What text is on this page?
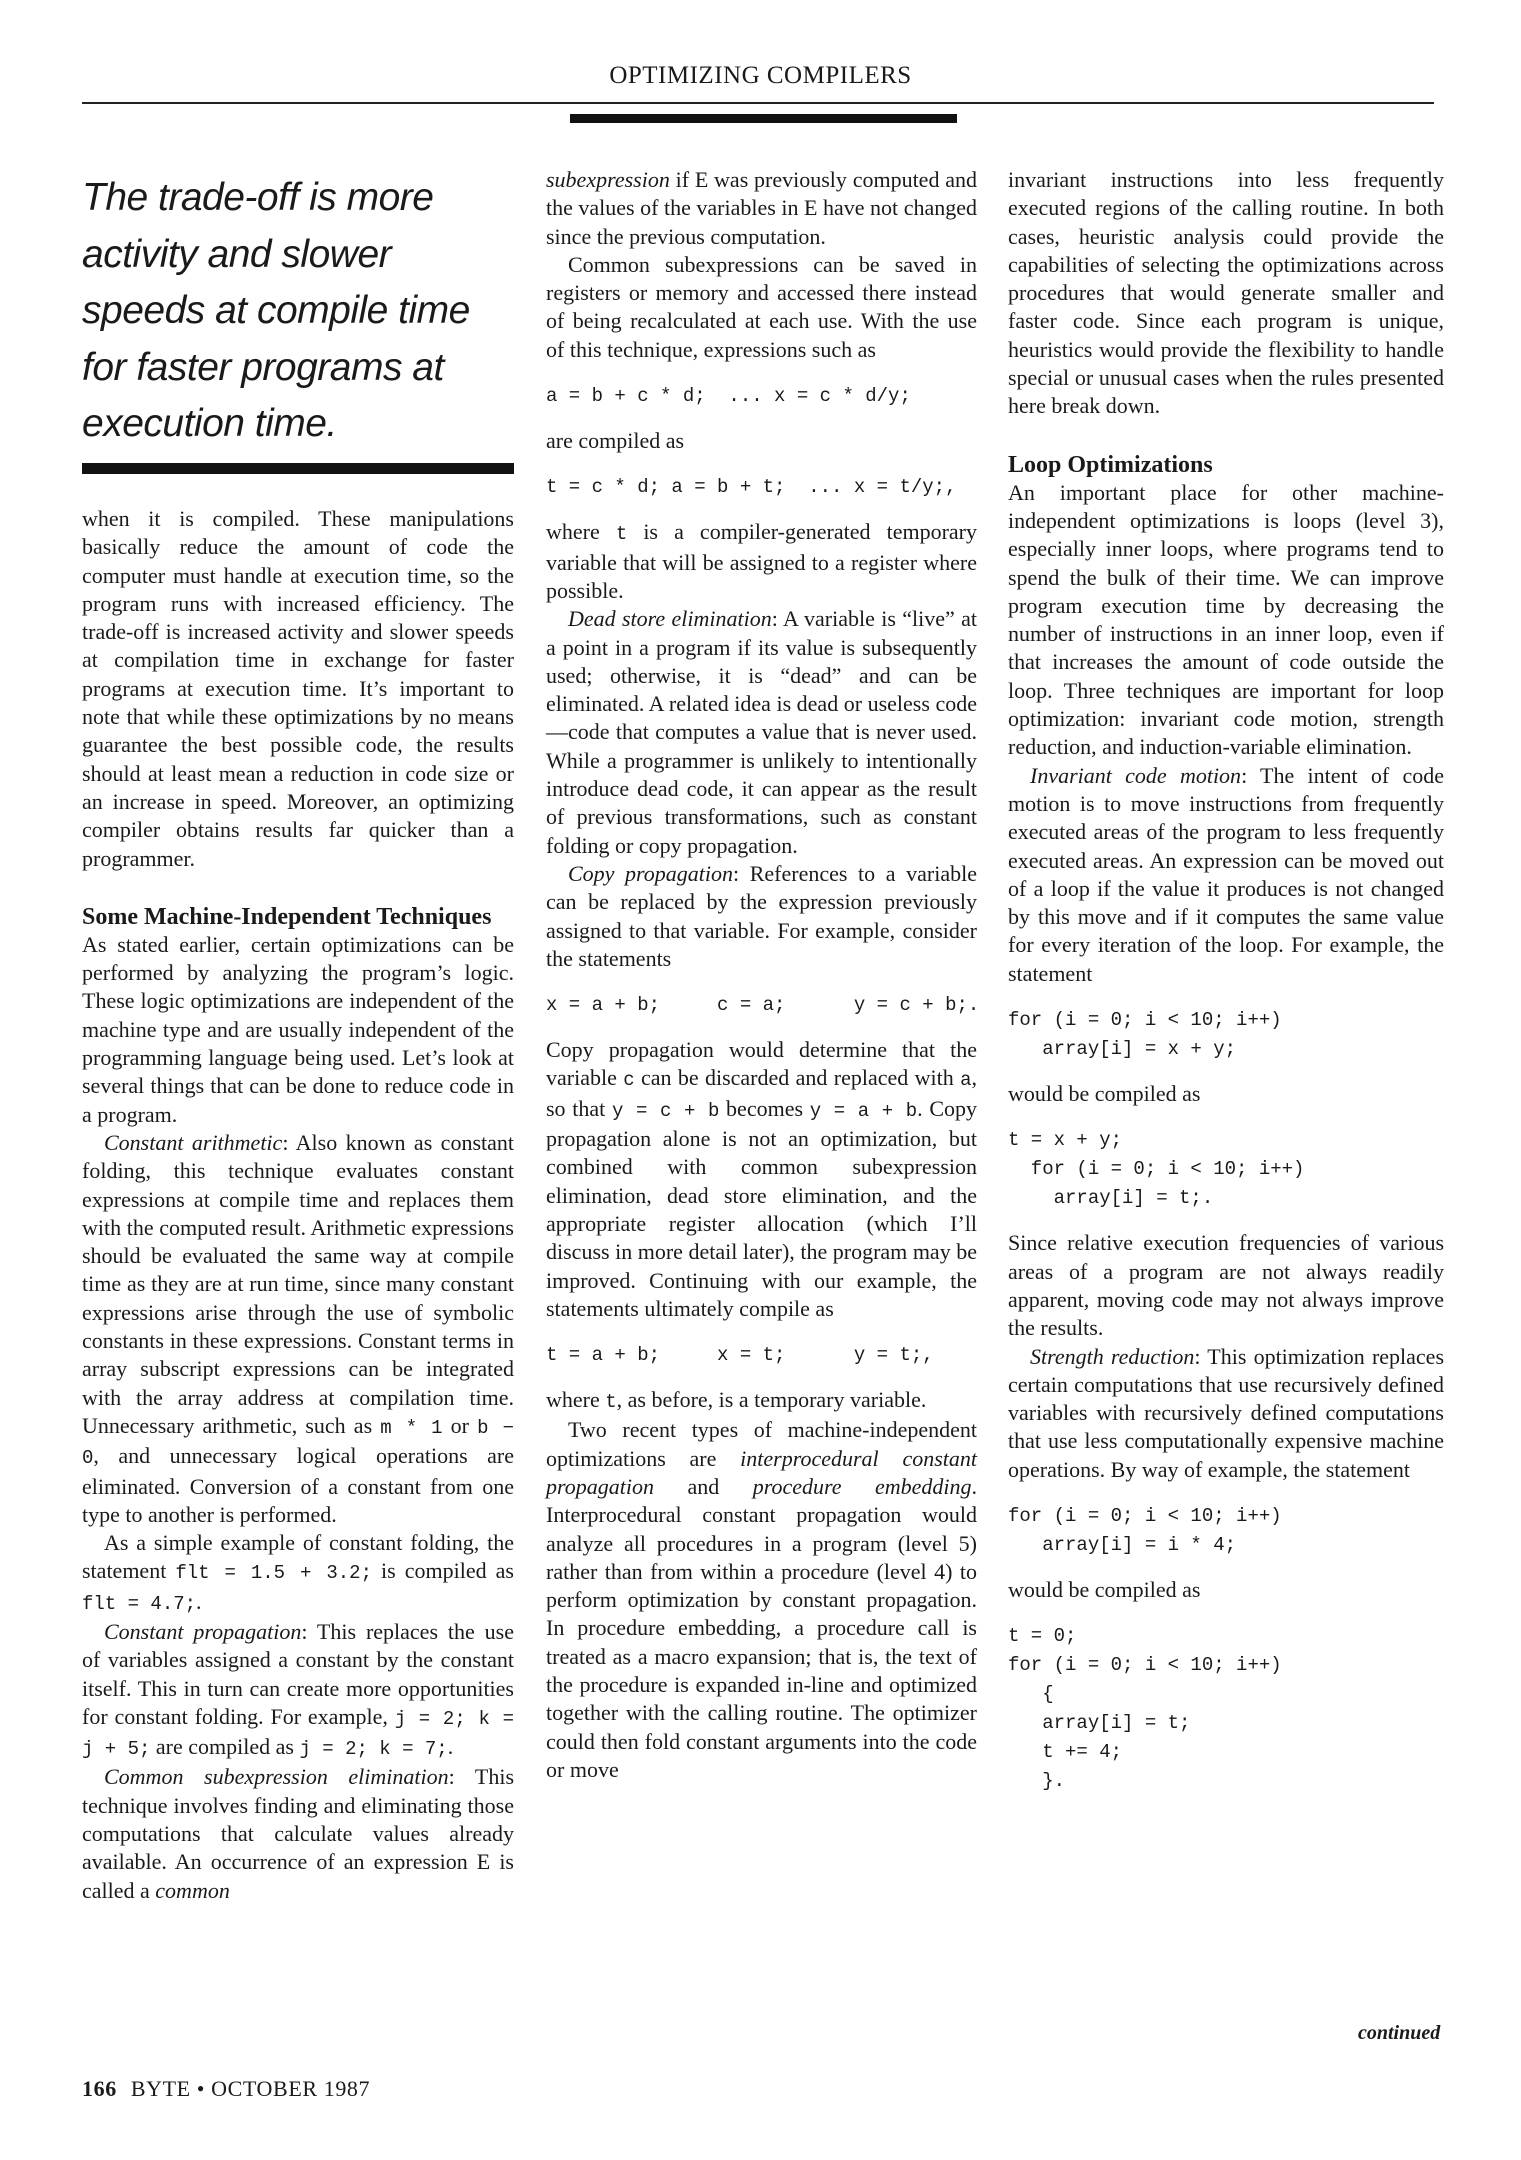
OPTIMIZING COMPILERS
The trade-off is more activity and slower speeds at compile time for faster programs at execution time.

when it is compiled. These manipulations basically reduce the amount of code the computer must handle at execution time, so the program runs with increased efficiency. The trade-off is increased activity and slower speeds at compilation time in exchange for faster programs at execution time. It’s important to note that while these optimizations by no means guarantee the best possible code, the results should at least mean a reduction in code size or an increase in speed. Moreover, an optimizing compiler obtains results far quicker than a programmer.

Some Machine-Independent Techniques

As stated earlier, certain optimizations can be performed by analyzing the program’s logic. These logic optimizations are independent of the machine type and are usually independent of the programming language being used. Let’s look at several things that can be done to reduce code in a program.

Constant arithmetic: Also known as constant folding, this technique evaluates constant expressions at compile time and replaces them with the computed result. Arithmetic expressions should be evaluated the same way at compile time as they are at run time, since many constant expressions arise through the use of symbolic constants in these expressions. Constant terms in array subscript expressions can be integrated with the array address at compilation time. Unnecessary arithmetic, such as m * 1 or b − 0, and unnecessary logical operations are eliminated. Conversion of a constant from one type to another is performed.

As a simple example of constant folding, the statement flt = 1.5 + 3.2; is compiled as flt = 4.7;.

Constant propagation: This replaces the use of variables assigned a constant by the constant itself. This in turn can create more opportunities for constant folding. For example, j = 2; k = j + 5; are compiled as j = 2; k = 7;.

Common subexpression elimination: This technique involves finding and eliminating those computations that calculate values already available. An occurrence of an expression E is called a common

subexpression if E was previously computed and the values of the variables in E have not changed since the previous computation.

Common subexpressions can be saved in registers or memory and accessed there instead of being recalculated at each use. With the use of this technique, expressions such as

a = b + c * d;  ... x = c * d/y;

are compiled as

t = c * d; a = b + t;  ... x = t/y;,

where t is a compiler-generated temporary variable that will be assigned to a register where possible.

Dead store elimination: A variable is “live” at a point in a program if its value is subsequently used; otherwise, it is “dead” and can be eliminated. A related idea is dead or useless code—code that computes a value that is never used. While a programmer is unlikely to intentionally introduce dead code, it can appear as the result of previous transformations, such as constant folding or copy propagation.

Copy propagation: References to a variable can be replaced by the expression previously assigned to that variable. For example, consider the statements

x = a + b;     c = a;      y = c + b;.

Copy propagation would determine that the variable c can be discarded and replaced with a, so that y = c + b becomes y = a + b. Copy propagation alone is not an optimization, but combined with common subexpression elimination, dead store elimination, and the appropriate register allocation (which I’ll discuss in more detail later), the program may be improved. Continuing with our example, the statements ultimately compile as

t = a + b;     x = t;      y = t;,

where t, as before, is a temporary variable.

Two recent types of machine-independent optimizations are interprocedural constant propagation and procedure embedding. Interprocedural constant propagation would analyze all procedures in a program (level 5) rather than from within a procedure (level 4) to perform optimization by constant propagation. In procedure embedding, a procedure call is treated as a macro expansion; that is, the text of the procedure is expanded in-line and optimized together with the calling routine. The optimizer could then fold constant arguments into the code or move

invariant instructions into less frequently executed regions of the calling routine. In both cases, heuristic analysis could provide the capabilities of selecting the optimizations across procedures that would generate smaller and faster code. Since each program is unique, heuristics would provide the flexibility to handle special or unusual cases when the rules presented here break down.

Loop Optimizations

An important place for other machine-independent optimizations is loops (level 3), especially inner loops, where programs tend to spend the bulk of their time. We can improve program execution time by decreasing the number of instructions in an inner loop, even if that increases the amount of code outside the loop. Three techniques are important for loop optimization: invariant code motion, strength reduction, and induction-variable elimination.

Invariant code motion: The intent of code motion is to move instructions from frequently executed areas of the program to less frequently executed areas. An expression can be moved out of a loop if the value it produces is not changed by this move and if it computes the same value for every iteration of the loop. For example, the statement

for (i = 0; i < 10; i++)
array[i] = x + y;

would be compiled as

t = x + y;
for (i = 0; i < 10; i++)
array[i] = t;.

Since relative execution frequencies of various areas of a program are not always readily apparent, moving code may not always improve the results.

Strength reduction: This optimization replaces certain computations that use recursively defined variables with recursively defined computations that use less computationally expensive machine operations. By way of example, the statement

for (i = 0; i < 10; i++)
array[i] = i * 4;

would be compiled as

t = 0;
for (i = 0; i < 10; i++)
{
array[i] = t;
t += 4;
}.
continued
166 BYTE • OCTOBER 1987
